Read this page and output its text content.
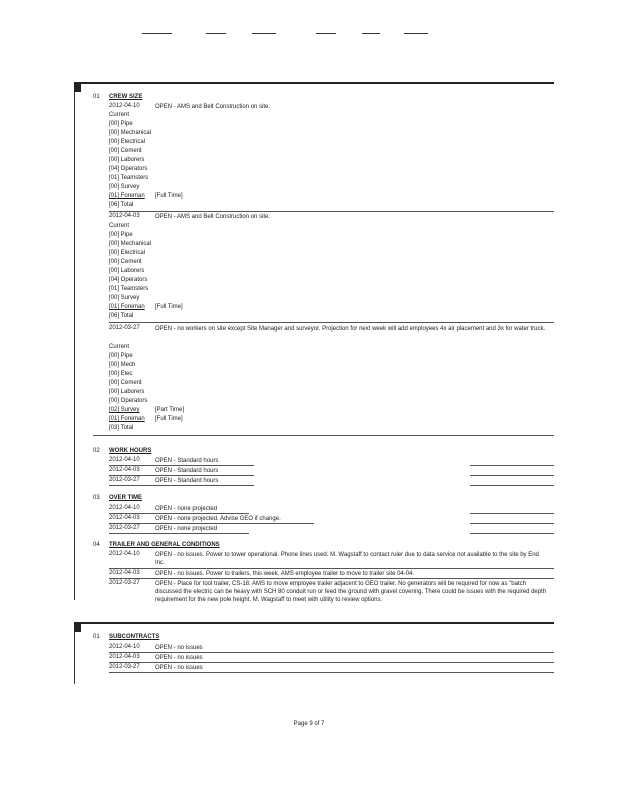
01 CREW SIZE
2012-04-10	OPEN - AMS and Belt Construction on site.
Current
[00] Pipe
[00] Mechanical
[00] Electrical
[00] Cement
[00] Laborers
[04] Operators
[01] Teamsters
[00] Survey
[01] Foreman [Full Time]
[06] Total
2012-04-03	OPEN - AMS and Belt Construction on site.
Current
[00] Pipe
[00] Mechanical
[00] Electrical
[00] Cement
[00] Laborers
[04] Operators
[01] Teamsters
[00] Survey
[01] Foreman [Full Time]
[06] Total
2012-03-27	OPEN - no workers on site except Site Manager and surveyor. Projection for next week will add employees 4x air placement and 3x for water truck.
Current
[00] Pipe
[00] Mech
[00] Elec
[00] Cement
[00] Laborers
[00] Operators
[02] Survey	[Part Time]
[01] Foreman [Full Time]
[03] Total
02 WORK HOURS
2012-04-10	OPEN - Standard hours
2012-04-03	OPEN - Standard hours
2012-03-27	OPEN - Standard hours
03 OVER TIME
2012-04-10	OPEN - none projected
2012-04-03	OPEN - none projected. Advise GEO if change.
2012-03-27	OPEN - none projected
04 TRAILER AND GENERAL CONDITIONS
2012-04-10	OPEN - no issues. Power to tower operational. Phone lines used. M. Wagstaff to contact ruler due to data service not available to the site by End Inc.
2012-04-03	OPEN - no issues. Power to trailers, this week. AMS employee trailer to move to trailer site 04-04.
2012-03-27	OPEN - Place for tool trailer, CS-18. AMS to move employee trailer adjacent to GEO trailer. No generators will be required for now as "batch discussed the electric can be heavy with SCH 80 conduit run or feed the ground with gravel covering. There could be issues with the required depth requirement for the new pole height. M. Wagstaff to meet with utility to review options.
01 SUBCONTRACTS
2012-04-10	OPEN - no issues
2012-04-03	OPEN - no issues
2012-03-27	OPEN - no issues
Page 9 of 7
